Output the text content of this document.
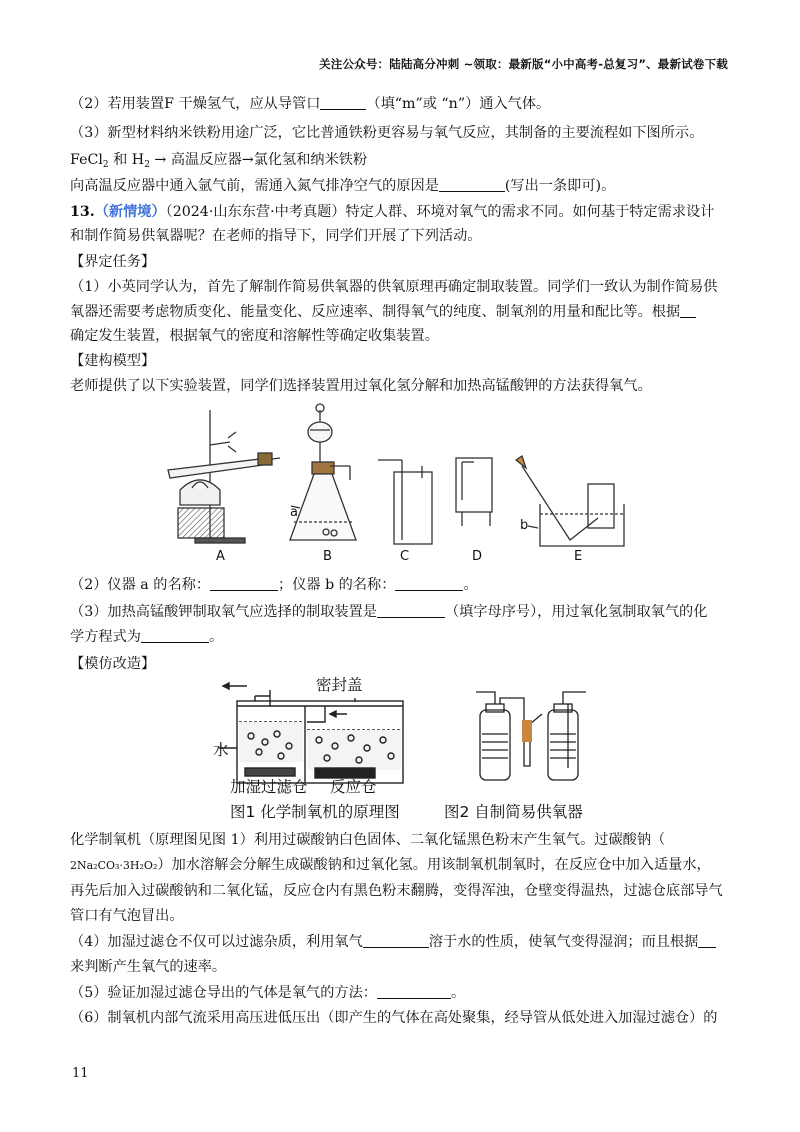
关注公众号：陆陆高分冲刺 ~领取：最新版“小中高考-总复习”、最新试卷下载
（2）若用装置F 干燥氢气，应从导管口	（填“m”或 “n”）通入气体。
（3）新型材料纳米铁粉用途广泛，它比普通铁粉更容易与氧气反应，其制备的主要流程如下图所示。
FeCl$_2$ 和 $H_2$ → 高温反应器→氯化氢和纳米铁粉
向高温反应器中通入氩气前，需通入氮气排净空气的原因是	(写出一条即可)。
13.（新情境）（2024·山东东营·中考真题）特定人群、环境对氧气的需求不同。如何基于特定需求设计
和制作简易供氧器呢？在老师的指导下，同学们开展了下列活动。
【界定任务】
（1）小英同学认为，首先了解制作简易供氧器的供氧原理再确定制取装置。同学们一致认为制作简易供
氧器还需要考虑物质变化、能量变化、反应速率、制得氧气的纯度、制氧剂的用量和配比等。根据
确定发生装置，根据氧气的密度和溶解性等确定收集装置。
【建构模型】
老师提供了以下实验装置，同学们选择装置用过氧化氢分解和加热高锰酸钾的方法获得氧气。
a
b
A	B	C	D	E
（2）仪器 a 的名称：	；仪器 b 的名称：	。
（3）加热高锰酸钾制取氧气应选择的制取装置是	（填字母序号），用过氧化氢制取氧气的化
学方程式为	。
【模仿改造】
密封盖
水
加湿过滤仓 反应仓
图1 化学制氧机的原理图	图2 自制简易供氧器
化学制氧机（原理图见图 1）利用过碳酸钠白色固体、二氧化锰黑色粉末产生氧气。过碳酸钠（
2Na₂CO₃·3H₂O₂）加水溶解会分解生成碳酸钠和过氧化氢。用该制氧机制氧时，在反应仓中加入适量水，
再先后加入过碳酸钠和二氧化锰，反应仓内有黑色粉末翻腾，变得浑浊，仓壁变得温热，过滤仓底部导气
管口有气泡冒出。
（4）加湿过滤仓不仅可以过滤杂质，利用氧气	溶于水的性质，使氧气变得湿润；而且根据
来判断产生氧气的速率。
（5）验证加湿过滤仓导出的气体是氧气的方法：	。
（6）制氧机内部气流采用高压进低压出（即产生的气体在高处聚集，经导管从低处进入加湿过滤仓）的
11
